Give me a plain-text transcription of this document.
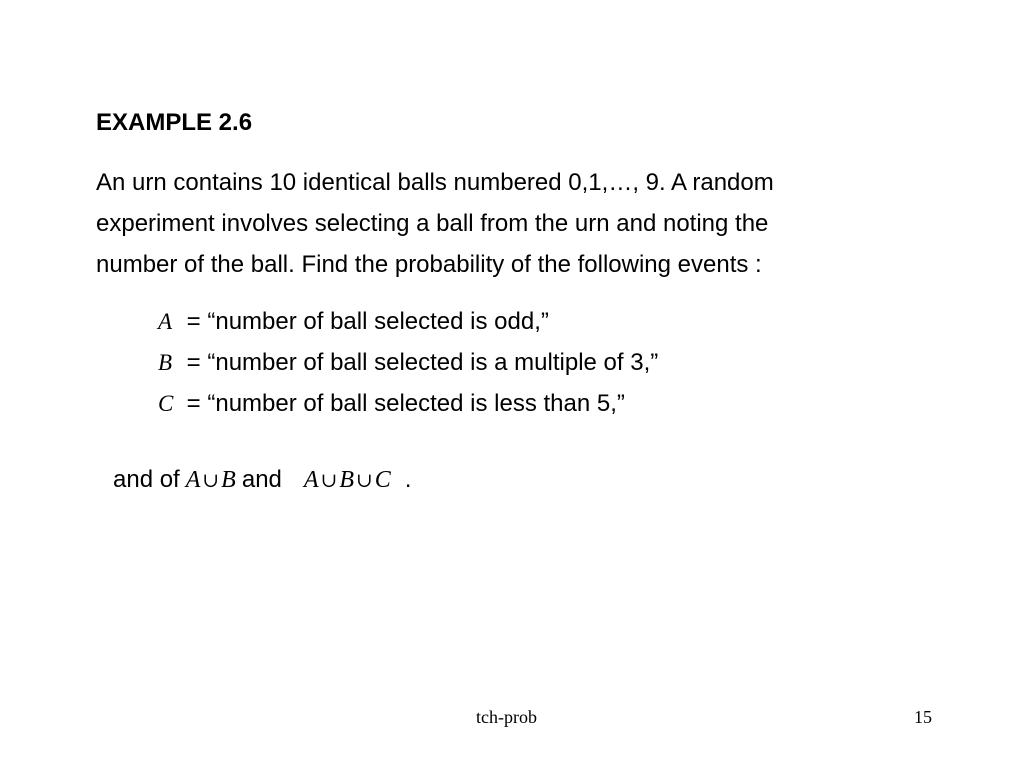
EXAMPLE 2.6
An urn contains 10 identical balls numbered 0,1,…, 9. A random
experiment involves selecting a ball from the urn and noting the
number of the ball. Find the probability of the following events :
A = “number of ball selected is odd,”
B = “number of ball selected is a multiple of 3,”
C = “number of ball selected is less than 5,”
and of A ∪B and A ∪B ∪C .
tch-prob	15
